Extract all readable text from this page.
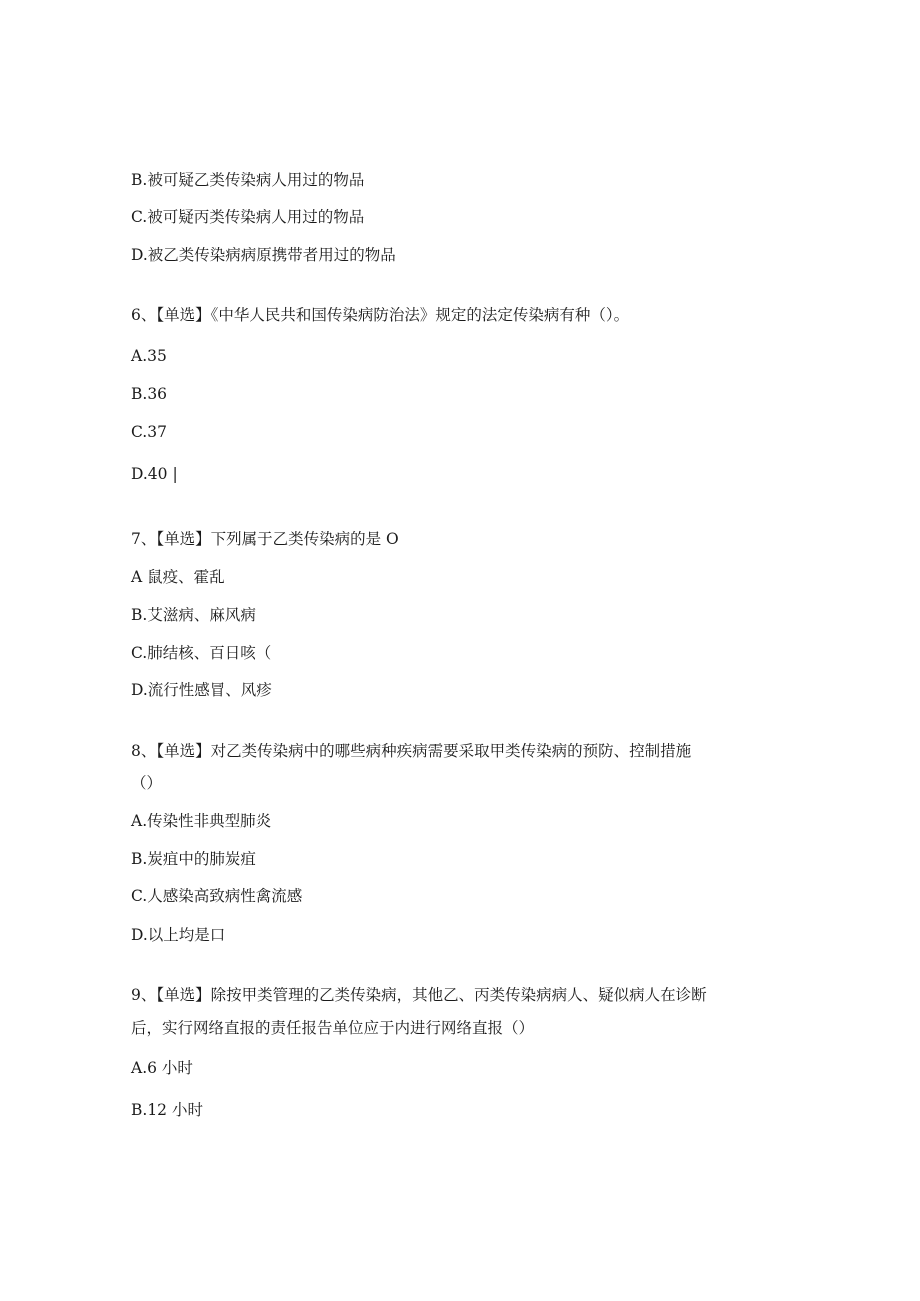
B.被可疑乙类传染病人用过的物品
C.被可疑丙类传染病人用过的物品
D.被乙类传染病病原携带者用过的物品
6、【单选】《中华人民共和国传染病防治法》规定的法定传染病有种（）。
A.35
B.36
C.37
D.40 |
7、【单选】下列属于乙类传染病的是 O
A 鼠疫、霍乱
B.艾滋病、麻风病
C.肺结核、百日咳（
D.流行性感冒、风疹
8、【单选】对乙类传染病中的哪些病种疾病需要采取甲类传染病的预防、控制措施
（）
A.传染性非典型肺炎
B.炭疽中的肺炭疽
C.人感染高致病性禽流感
D.以上均是口
9、【单选】除按甲类管理的乙类传染病，其他乙、丙类传染病病人、疑似病人在诊断
后，实行网络直报的责任报告单位应于内进行网络直报（）
A.6 小时
B.12 小时
